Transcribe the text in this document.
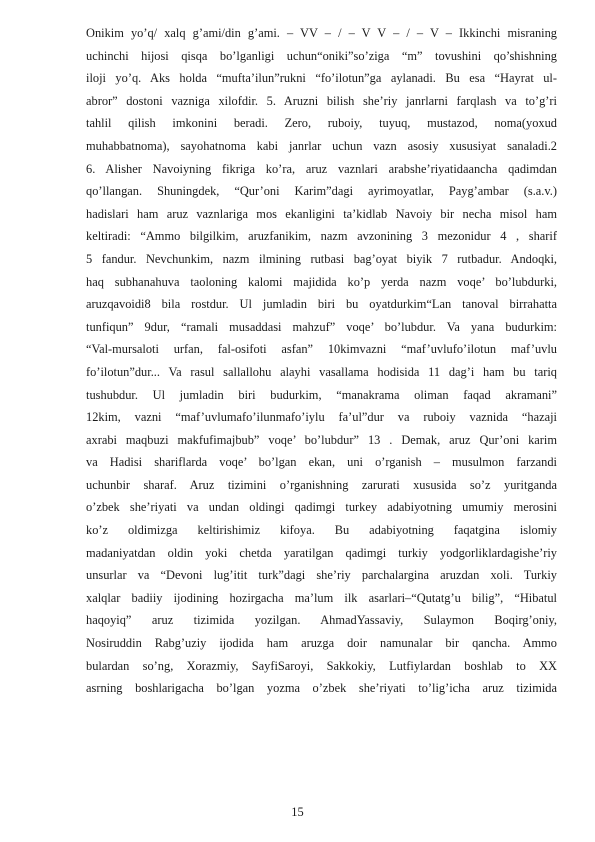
Onikim yo’q/ xalq g’ami/din g’ami. – VV – / – V V – / – V – Ikkinchi misraning
uchinchi hijosi qisqa bo’lganligi uchun“oniki”so’ziga “m” tovushini qo’shishning
iloji yo’q. Aks holda “mufta’ilun”rukni “fo’ilotun”ga aylanadi. Bu esa “Hayrat ul-
abror” dostoni vazniga xilofdir. 5. Aruzni bilish she’riy janrlarni farqlash va to’g’ri
tahlil qilish imkonini beradi. Zero, ruboiy, tuyuq, mustazod, noma(yoxud
muhabbatnoma), sayohatnoma kabi janrlar uchun vazn asosiy xususiyat sanaladi.2
6. Alisher Navoiyning fikriga ko’ra, aruz vaznlari arabshe’riyatidaancha qadimdan
qo’llangan. Shuningdek, “Qur’oni Karim”dagi ayrimoyatlar, Payg’ambar (s.a.v.)
hadislari ham aruz vaznlariga mos ekanligini ta’kidlab Navoiy bir necha misol ham
keltiradi: “Ammo bilgilkim, aruzfanikim, nazm avzonining 3 mezonidur 4 , sharif
5 fandur. Nevchunkim, nazm ilmining rutbasi bag’oyat biyik 7 rutbadur. Andoqki,
haq subhanahuva taoloning kalomi majidida ko’p yerda nazm voqe’ bo’lubdurki,
aruzqavoidi8 bila rostdur. Ul jumladin biri bu oyatdurkim“Lan tanoval birrahatta
tunfiqun” 9dur, “ramali musaddasi mahzuf” voqe’ bo’lubdur. Va yana budurkim:
“Val-mursaloti urfan, fal-osifoti asfan” 10kimvazni “maf’uvlufo’ilotun maf’uvlu
fo’ilotun”dur... Va rasul sallallohu alayhi vasallama hodisida 11 dag’i ham bu tariq
tushubdur. Ul jumladin biri budurkim, “manakrama oliman faqad akramani”
12kim, vazni “maf’uvlumafo’ilunmafo’iylu fa’ul”dur va ruboiy vaznida “hazaji
axrabi maqbuzi makfufimajbub” voqe’ bo’lubdur” 13 . Demak, aruz Qur’oni karim
va Hadisi shariflarda voqe’ bo’lgan ekan, uni o’rganish – musulmon farzandi
uchunbir sharaf. Aruz tizimini o’rganishning zarurati xususida so’z yuritganda
o’zbek she’riyati va undan oldingi qadimgi turkey adabiyotning umumiy merosini
ko’z oldimizga keltirishimiz kifoya. Bu adabiyotning faqatgina islomiy
madaniyatdan oldin yoki chetda yaratilgan qadimgi turkiy yodgorliklardagishe’riy
unsurlar va “Devoni lug’itit turk”dagi she’riy parchalargina aruzdan xoli. Turkiy
xalqlar badiiy ijodining hozirgacha ma’lum ilk asarlari–“Qutatg’u bilig”, “Hibatul
haqoyiq” aruz tizimida yozilgan. AhmadYassaviy, Sulaymon Boqirg’oniy,
Nosiruddin Rabg’uziy ijodida ham aruzga doir namunalar bir qancha. Ammo
bulardan so’ng, Xorazmiy, SayfiSaroyi, Sakkokiy, Lutfiylardan boshlab to XX
asrning boshlarigacha bo’lgan yozma o’zbek she’riyati to’lig’icha aruz tizimida
15
